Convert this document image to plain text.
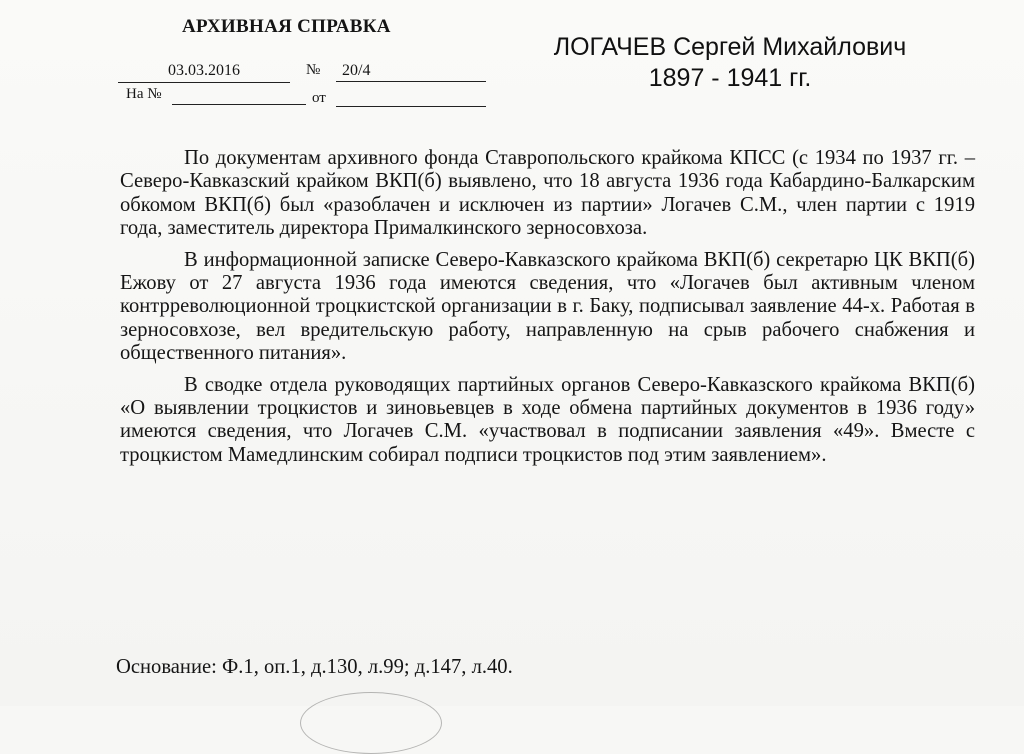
АРХИВНАЯ СПРАВКА
03.03.2016	№	20/4
На №	от
ЛОГАЧЕВ Сергей Михайлович
1897 - 1941 гг.

По документам архивного фонда Ставропольского крайкома КПСС (с 1934 по 1937 гг. – Северо-Кавказский крайком ВКП(б) выявлено, что 18 августа 1936 года Кабардино-Балкарским обкомом ВКП(б) был «разоблачен и исключен из партии» Логачев С.М., член партии с 1919 года, заместитель директора Прималкинского зерносовхоза.

В информационной записке Северо-Кавказского крайкома ВКП(б) секретарю ЦК ВКП(б) Ежову от 27 августа 1936 года имеются сведения, что «Логачев был активным членом контрреволюционной троцкистской организации в г. Баку, подписывал заявление 44-х. Работая в зерносовхозе, вел вредительскую работу, направленную на срыв рабочего снабжения и общественного питания».

В сводке отдела руководящих партийных органов Северо-Кавказского крайкома ВКП(б) «О выявлении троцкистов и зиновьевцев в ходе обмена партийных документов в 1936 году» имеются сведения, что Логачев С.М. «участвовал в подписании заявления «49». Вместе с троцкистом Мамедлинским собирал подписи троцкистов под этим заявлением».

Основание: Ф.1, оп.1, д.130, л.99; д.147, л.40.
